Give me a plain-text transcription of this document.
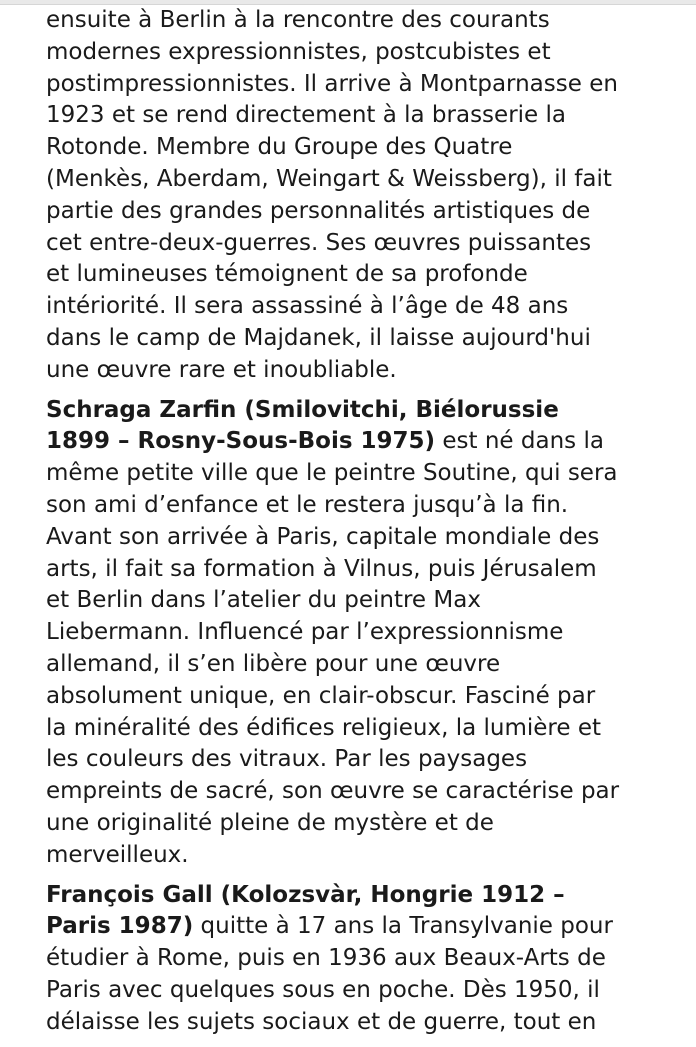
ensuite à Berlin à la rencontre des courants
modernes expressionnistes, postcubistes et
postimpressionnistes. Il arrive à Montparnasse en
1923 et se rend directement à la brasserie la
Rotonde. Membre du Groupe des Quatre
(Menkès, Aberdam, Weingart & Weissberg), il fait
partie des grandes personnalités artistiques de
cet entre-deux-guerres. Ses œuvres puissantes
et lumineuses témoignent de sa profonde
intériorité. Il sera assassiné à l’âge de 48 ans
dans le camp de Majdanek, il laisse aujourd'hui
une œuvre rare et inoubliable.

Schraga Zarfin (Smilovitchi, Biélorussie
1899 – Rosny-Sous-Bois 1975) est né dans la
même petite ville que le peintre Soutine, qui sera
son ami d’enfance et le restera jusqu’à la fin.
Avant son arrivée à Paris, capitale mondiale des
arts, il fait sa formation à Vilnus, puis Jérusalem
et Berlin dans l’atelier du peintre Max
Liebermann. Influencé par l’expressionnisme
allemand, il s’en libère pour une œuvre
absolument unique, en clair-obscur. Fasciné par
la minéralité des édifices religieux, la lumière et
les couleurs des vitraux. Par les paysages
empreints de sacré, son œuvre se caractérise par
une originalité pleine de mystère et de
merveilleux.

François Gall (Kolozsvàr, Hongrie 1912 –
Paris 1987) quitte à 17 ans la Transylvanie pour
étudier à Rome, puis en 1936 aux Beaux-Arts de
Paris avec quelques sous en poche. Dès 1950, il
délaisse les sujets sociaux et de guerre, tout en
